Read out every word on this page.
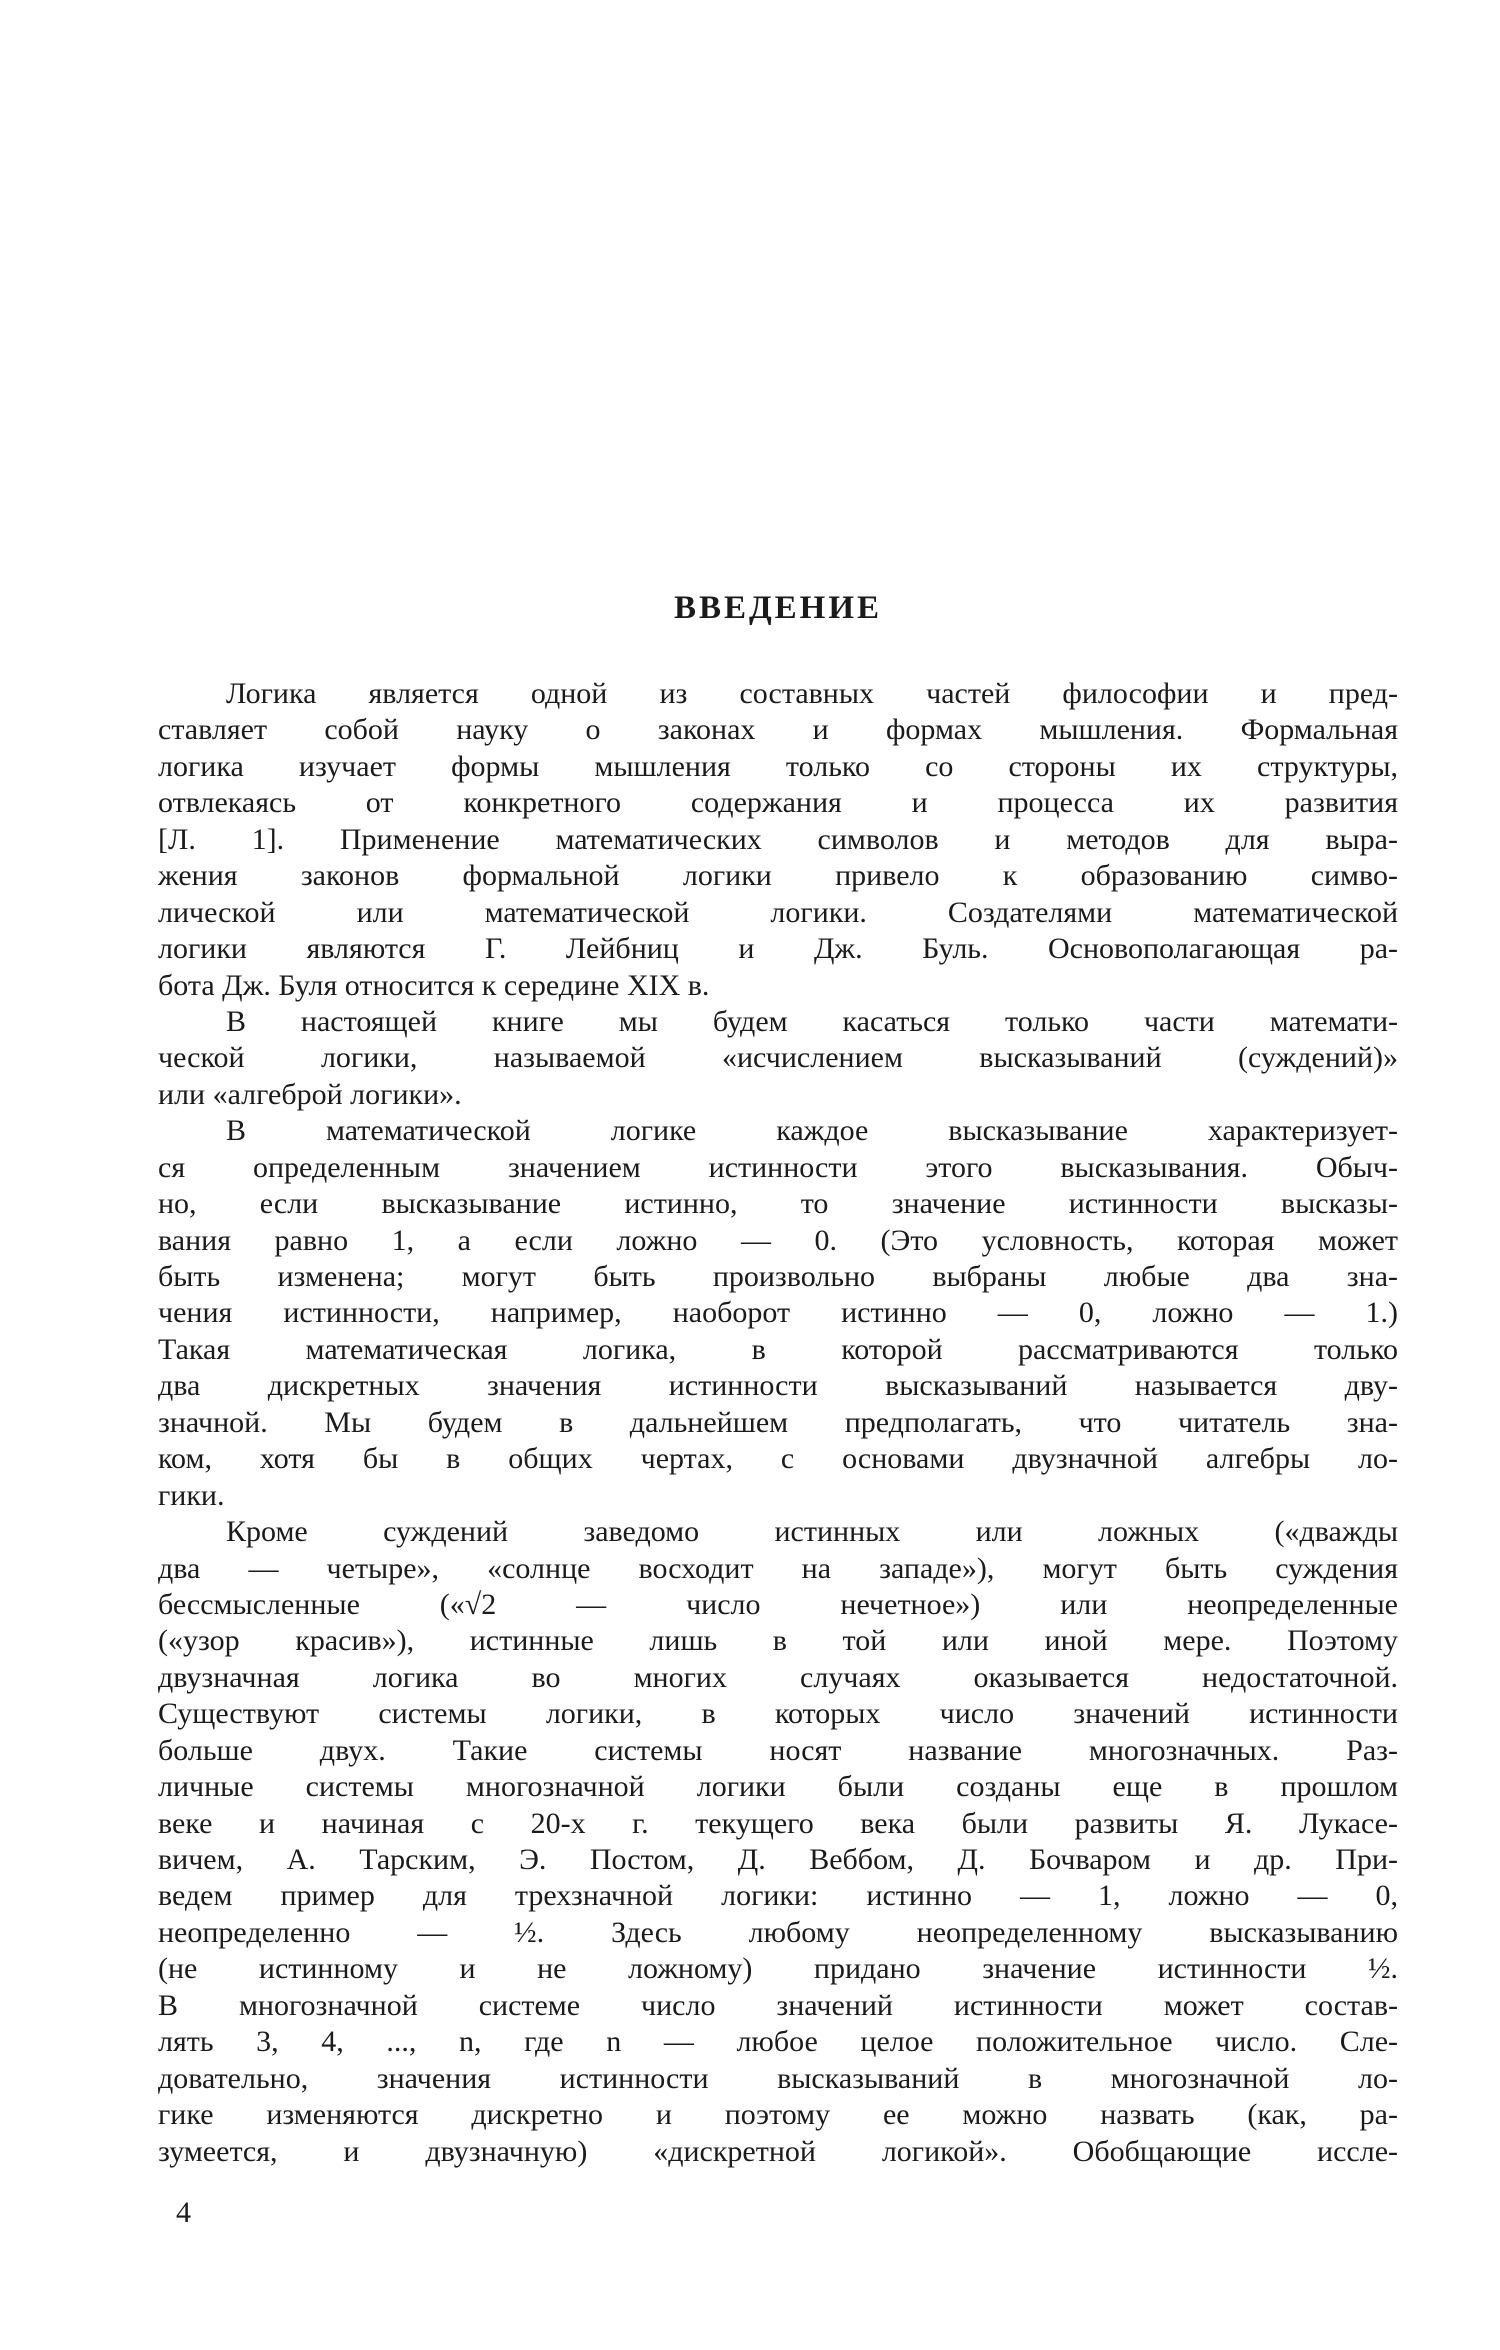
ВВЕДЕНИЕ
Логика является одной из составных частей философии и пред-
ставляет собой науку о законах и формах мышления. Формальная
логика изучает формы мышления только со стороны их структуры,
отвлекаясь от конкретного содержания и процесса их развития
[Л. 1]. Применение математических символов и методов для выра-
жения законов формальной логики привело к образованию симво-
лической или математической логики. Создателями математической
логики являются Г. Лейбниц и Дж. Буль. Основополагающая ра-
бота Дж. Буля относится к середине XIX в.
В настоящей книге мы будем касаться только части математи-
ческой логики, называемой «исчислением высказываний (суждений)»
или «алгеброй логики».
В математической логике каждое высказывание характеризует-
ся определенным значением истинности этого высказывания. Обыч-
но, если высказывание истинно, то значение истинности высказы-
вания равно 1, а если ложно — 0. (Это условность, которая может
быть изменена; могут быть произвольно выбраны любые два зна-
чения истинности, например, наоборот истинно — 0, ложно — 1.)
Такая математическая логика, в которой рассматриваются только
два дискретных значения истинности высказываний называется дву-
значной. Мы будем в дальнейшем предполагать, что читатель зна-
ком, хотя бы в общих чертах, с основами двузначной алгебры ло-
гики.
Кроме суждений заведомо истинных или ложных («дважды
два — четыре», «солнце восходит на западе»), могут быть суждения
бессмысленные («√2 — число нечетное») или неопределенные
(«узор красив»), истинные лишь в той или иной мере. Поэтому
двузначная логика во многих случаях оказывается недостаточной.
Существуют системы логики, в которых число значений истинности
больше двух. Такие системы носят название многозначных. Раз-
личные системы многозначной логики были созданы еще в прошлом
веке и начиная с 20-х г. текущего века были развиты Я. Лукасе-
вичем, А. Тарским, Э. Постом, Д. Веббом, Д. Бочваром и др. При-
ведем пример для трехзначной логики: истинно — 1, ложно — 0,
неопределенно — ½. Здесь любому неопределенному высказыванию
(не истинному и не ложному) придано значение истинности ½.
В многозначной системе число значений истинности может состав-
лять 3, 4, ..., n, где n — любое целое положительное число. Сле-
довательно, значения истинности высказываний в многозначной ло-
гике изменяются дискретно и поэтому ее можно назвать (как, ра-
зумеется, и двузначную) «дискретной логикой». Обобщающие иссле-
4
